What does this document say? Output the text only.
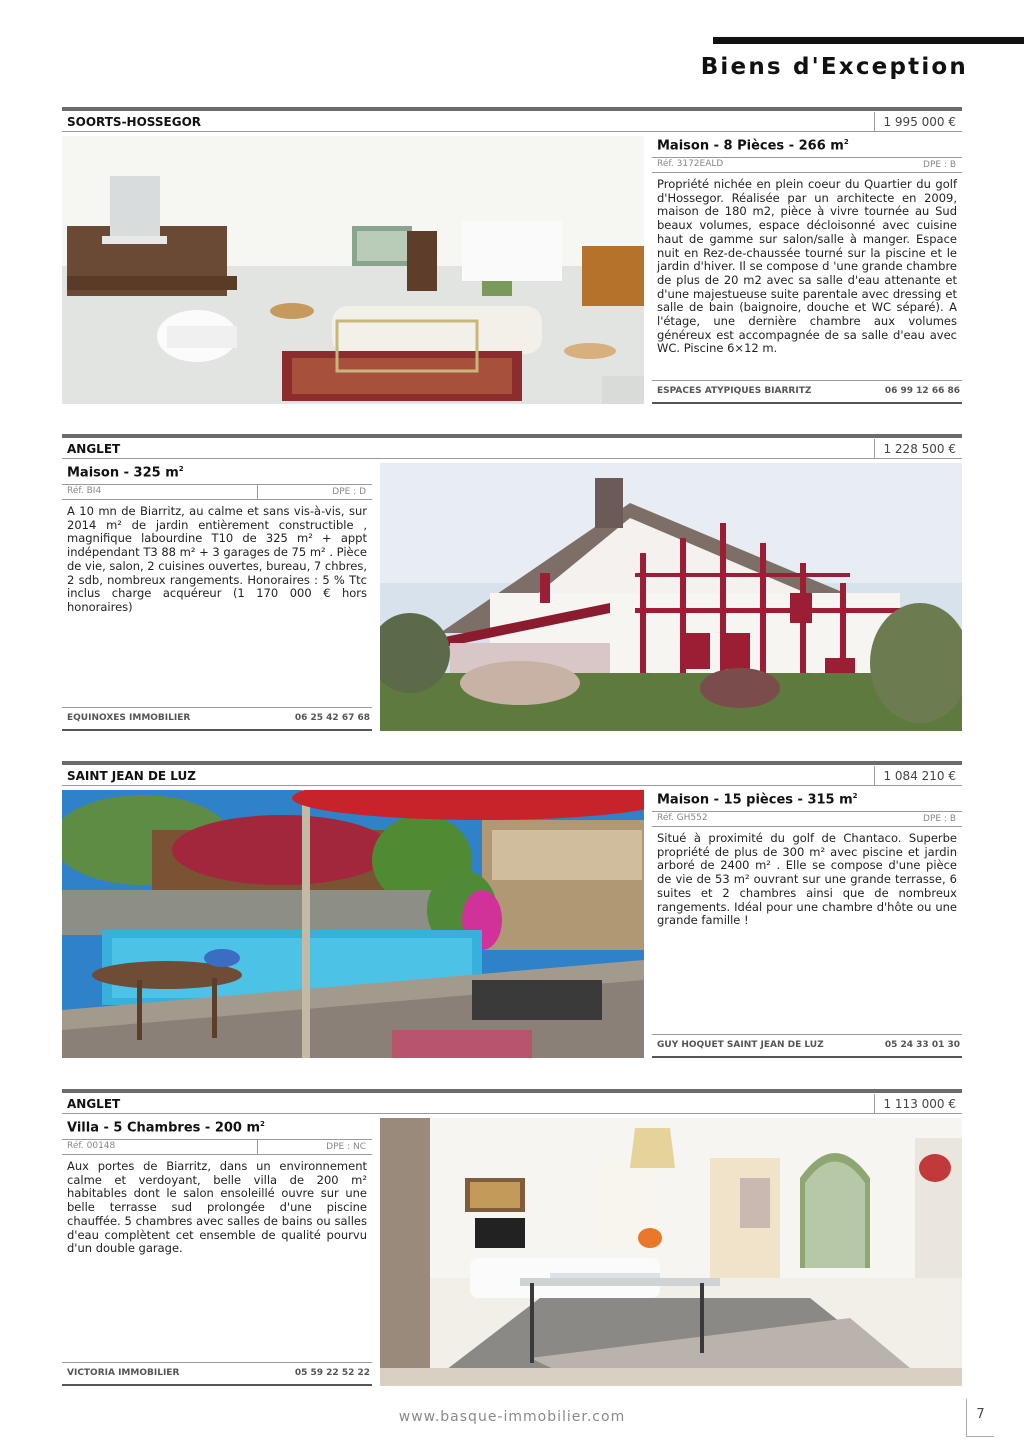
Biens d'Exception
SOORTS-HOSSEGOR	1 995 000 €
Maison - 8 Pièces - 266 $m^2$
Réf. 3172EALD	DPE : B
Propriété nichée en plein coeur du Quartier du golf d'Hossegor. Réalisée par un architecte en 2009, maison de 180 m2, pièce à vivre tournée au Sud beaux volumes, espace décloisonné avec cuisine haut de gamme sur salon/salle à manger. Espace nuit en Rez-de-chaussée tourné sur la piscine et le jardin d'hiver. Il se compose d 'une grande chambre de plus de 20 m2 avec sa salle d'eau attenante et d'une majestueuse suite parentale avec dressing et salle de bain (baignoire, douche et WC séparé). A l'étage, une dernière chambre aux volumes généreux est accompagnée de sa salle d'eau avec WC. Piscine 6×12 m.
ESPACES ATYPIQUES BIARRITZ	06 99 12 66 86
ANGLET	1 228 500 €
Maison - 325 $m^2$
Réf. BI4	DPE : D
A 10 mn de Biarritz, au calme et sans vis-à-vis, sur 2014 m² de jardin entièrement constructible , magnifique labourdine T10 de 325 m² + appt indépendant T3 88 m² + 3 garages de 75 m² . Pièce de vie, salon, 2 cuisines ouvertes, bureau, 7 chbres, 2 sdb, nombreux rangements. Honoraires : 5 % Ttc inclus charge acquéreur (1 170 000 € hors honoraires)
EQUINOXES IMMOBILIER	06 25 42 67 68
SAINT JEAN DE LUZ	1 084 210 €
Maison - 15 pièces - 315 $m^2$
Réf. GH552	DPE : B
Situé à proximité du golf de Chantaco. Superbe propriété de plus de 300 m² avec piscine et jardin arboré de 2400 m² . Elle se compose d'une pièce de vie de 53 m² ouvrant sur une grande terrasse, 6 suites et 2 chambres ainsi que de nombreux rangements. Idéal pour une chambre d'hôte ou une grande famille !
GUY HOQUET SAINT JEAN DE LUZ	05 24 33 01 30
ANGLET	1 113 000 €
Villa - 5 Chambres - 200 $m^2$
Réf. 00148	DPE : NC
Aux portes de Biarritz, dans un environnement calme et verdoyant, belle villa de 200 m² habitables dont le salon ensoleillé ouvre sur une belle terrasse sud prolongée d'une piscine chauffée. 5 chambres avec salles de bains ou salles d'eau complètent cet ensemble de qualité pourvu d'un double garage.
VICTORIA IMMOBILIER	05 59 22 52 22
www.basque-immobilier.com	7
